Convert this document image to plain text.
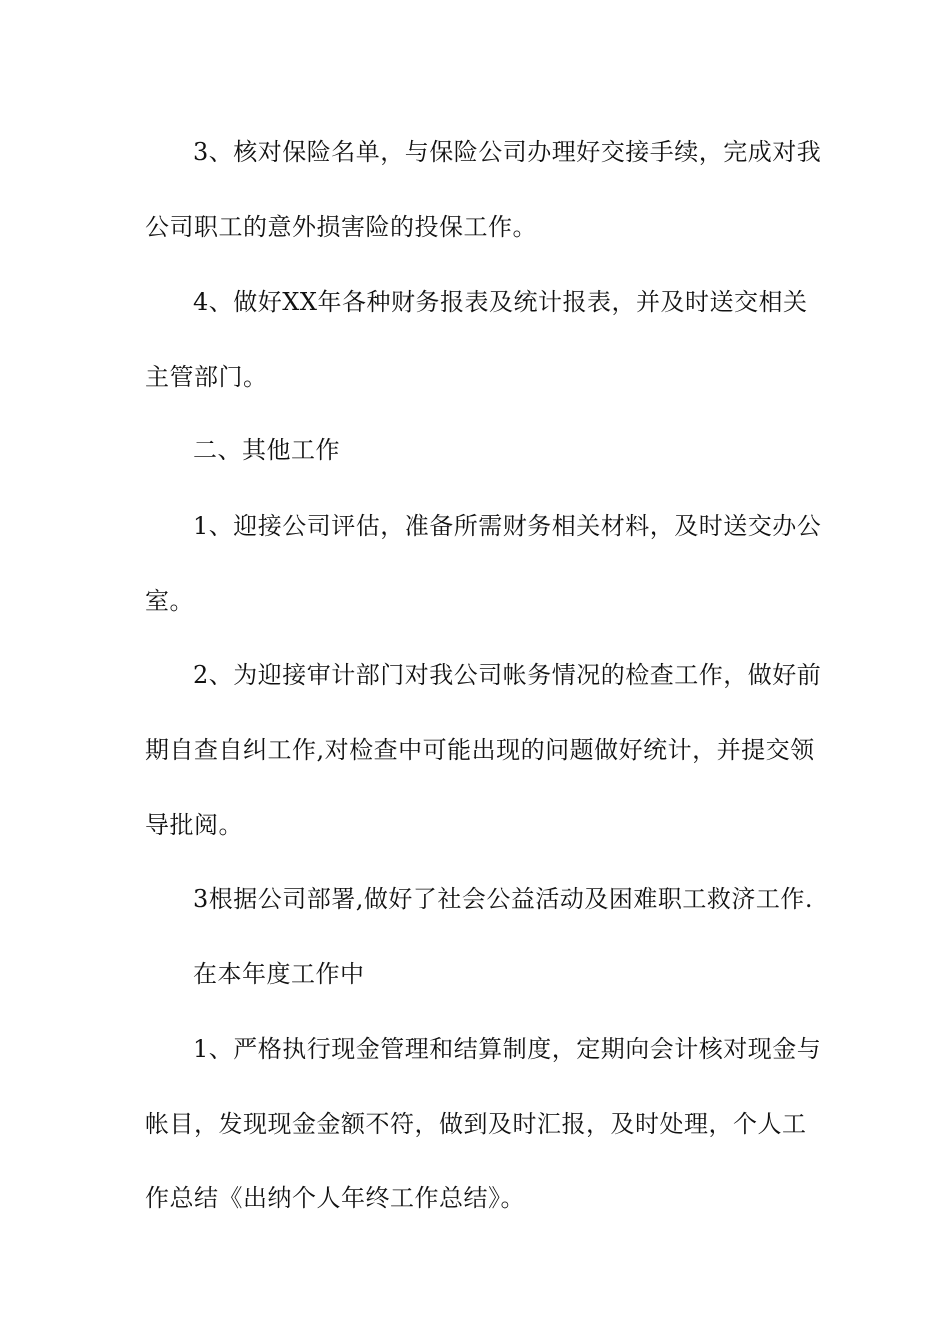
3、核对保险名单，与保险公司办理好交接手续，完成对我
公司职工的意外损害险的投保工作。
4、做好XX年各种财务报表及统计报表，并及时送交相关
主管部门。
二、其他工作
1、迎接公司评估，准备所需财务相关材料，及时送交办公
室。
2、为迎接审计部门对我公司帐务情况的检查工作，做好前
期自查自纠工作,对检查中可能出现的问题做好统计，并提交领
导批阅。
3根据公司部署,做好了社会公益活动及困难职工救济工作.
在本年度工作中
1、严格执行现金管理和结算制度，定期向会计核对现金与
帐目，发现现金金额不符，做到及时汇报，及时处理，个人工
作总结《出纳个人年终工作总结》。
